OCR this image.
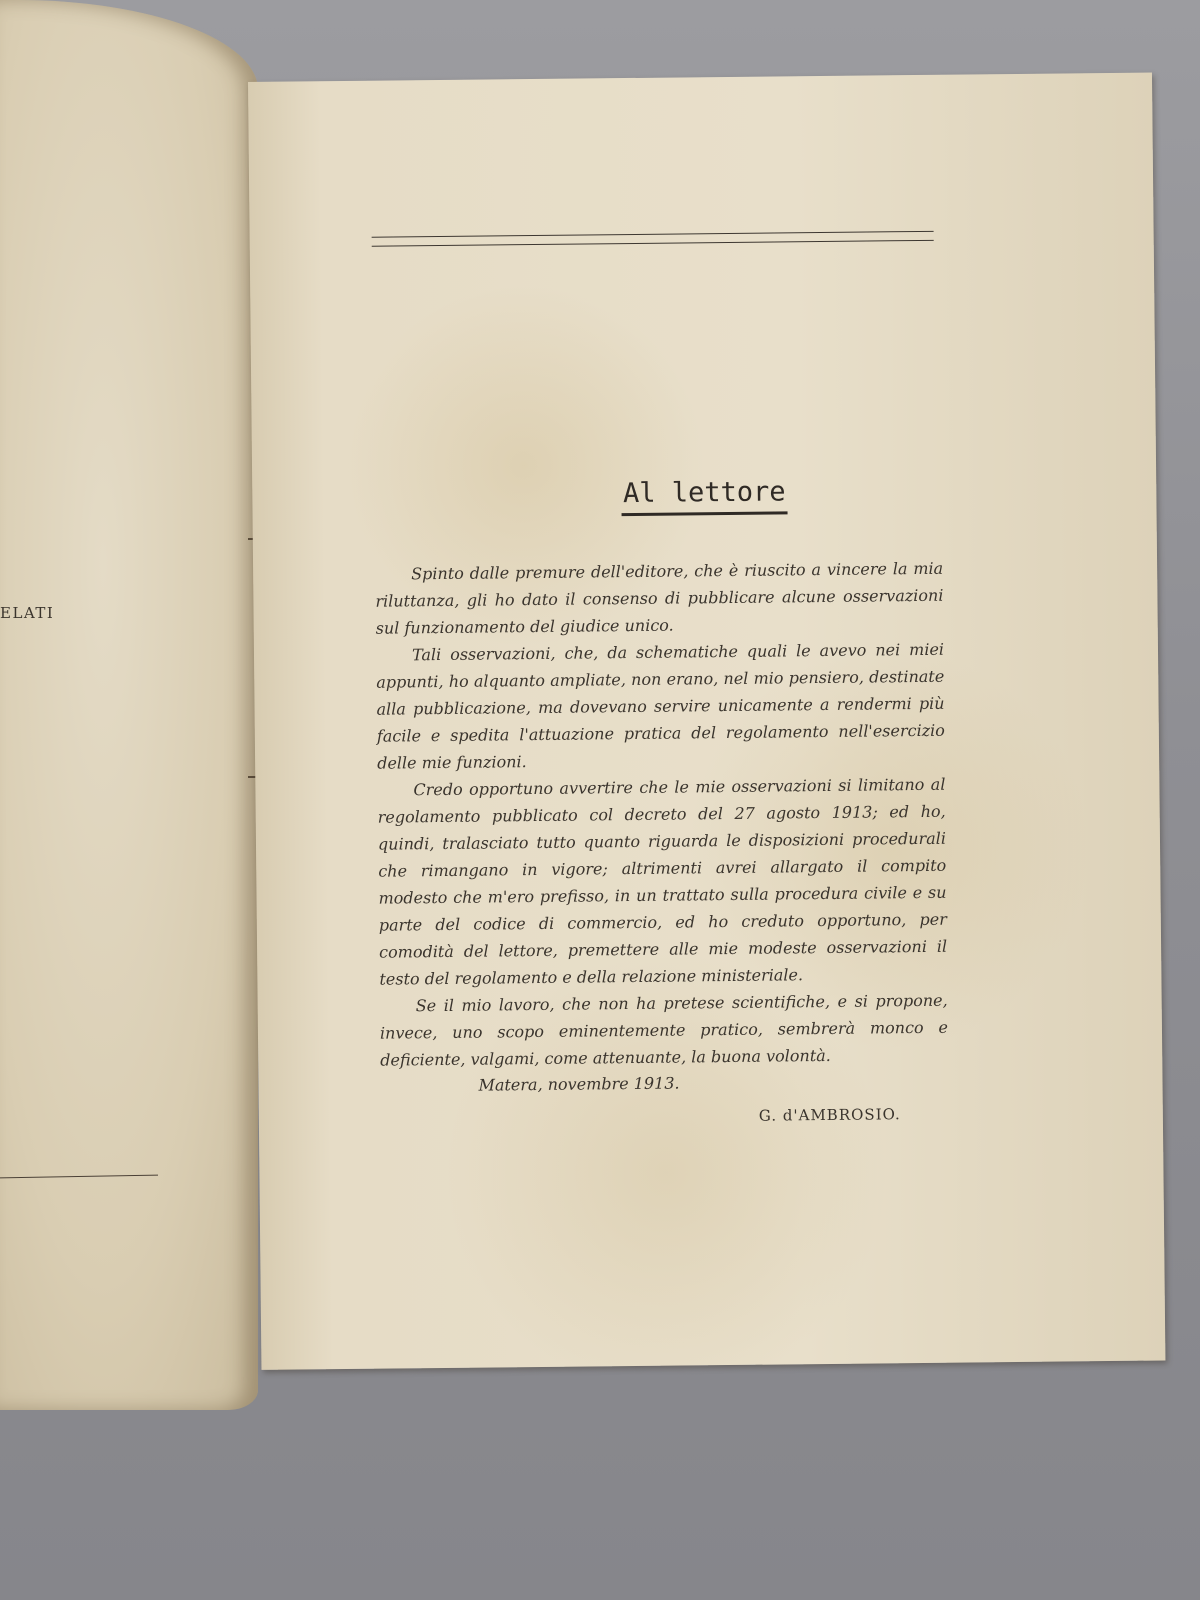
ELATI
Al lettore

Spinto dalle premure dell'editore, che è riuscito a vincere la mia riluttanza, gli ho dato il consenso di pubblicare alcune osservazioni sul funzionamento del giudice unico.

Tali osservazioni, che, da schematiche quali le avevo nei miei appunti, ho alquanto ampliate, non erano, nel mio pensiero, destinate alla pubblicazione, ma dovevano servire unicamente a rendermi più facile e spedita l'attuazione pratica del regolamento nell'esercizio delle mie funzioni.

Credo opportuno avvertire che le mie osservazioni si limitano al regolamento pubblicato col decreto del 27 agosto 1913; ed ho, quindi, tralasciato tutto quanto riguarda le disposizioni procedurali che rimangano in vigore; altrimenti avrei allargato il compito modesto che m'ero prefisso, in un trattato sulla procedura civile e su parte del codice di commercio, ed ho creduto opportuno, per comodità del lettore, premettere alle mie modeste osservazioni il testo del regolamento e della relazione ministeriale.

Se il mio lavoro, che non ha pretese scientifiche, e si propone, invece, uno scopo eminentemente pratico, sembrerà monco e deficiente, valgami, come attenuante, la buona volontà.

Matera, novembre 1913.
G. d'AMBROSIO.
